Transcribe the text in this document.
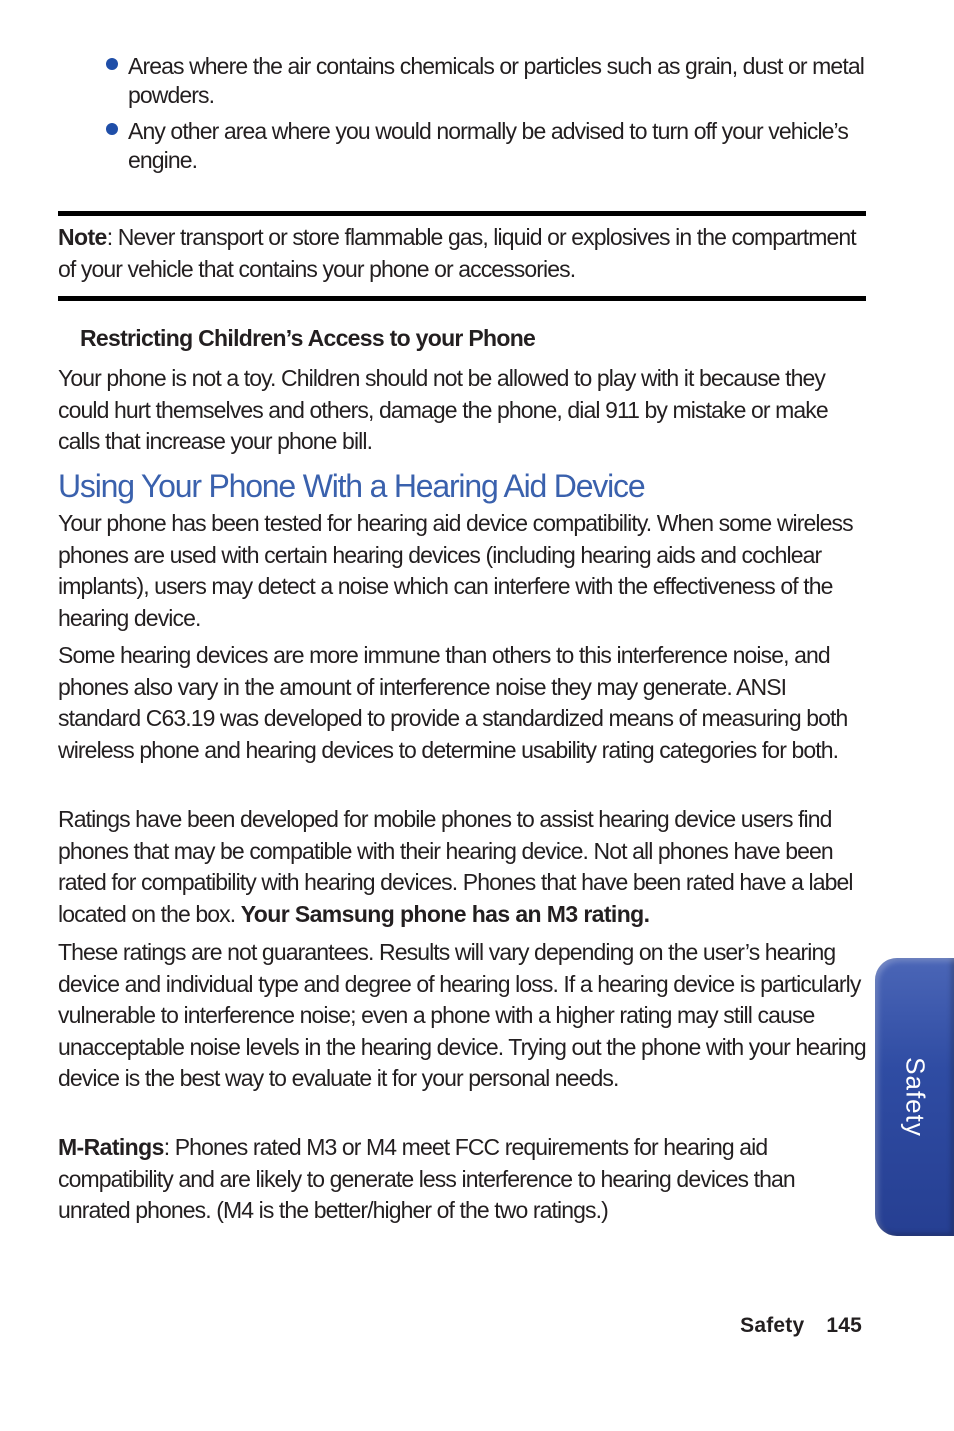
Areas where the air contains chemicals or particles such as grain, dust or metal powders.
Any other area where you would normally be advised to turn off your vehicle’s engine.

Note: Never transport or store flammable gas, liquid or explosives in the compartment of your vehicle that contains your phone or accessories.

Restricting Children’s Access to your Phone

Your phone is not a toy. Children should not be allowed to play with it because they could hurt themselves and others, damage the phone, dial 911 by mistake or make calls that increase your phone bill.

Using Your Phone With a Hearing Aid Device

Your phone has been tested for hearing aid device compatibility. When some wireless phones are used with certain hearing devices (including hearing aids and cochlear implants), users may detect a noise which can interfere with the effectiveness of the hearing device.

Some hearing devices are more immune than others to this interference noise, and phones also vary in the amount of interference noise they may generate. ANSI standard C63.19 was developed to provide a standardized means of measuring both wireless phone and hearing devices to determine usability rating categories for both.

Ratings have been developed for mobile phones to assist hearing device users find phones that may be compatible with their hearing device. Not all phones have been rated for compatibility with hearing devices. Phones that have been rated have a label located on the box. Your Samsung phone has an M3 rating.

These ratings are not guarantees. Results will vary depending on the user’s hearing device and individual type and degree of hearing loss. If a hearing device is particularly vulnerable to interference noise; even a phone with a higher rating may still cause unacceptable noise levels in the hearing device. Trying out the phone with your hearing device is the best way to evaluate it for your personal needs.

M-Ratings: Phones rated M3 or M4 meet FCC requirements for hearing aid compatibility and are likely to generate less interference to hearing devices than unrated phones. (M4 is the better/higher of the two ratings.)

Safety
Safety 145
